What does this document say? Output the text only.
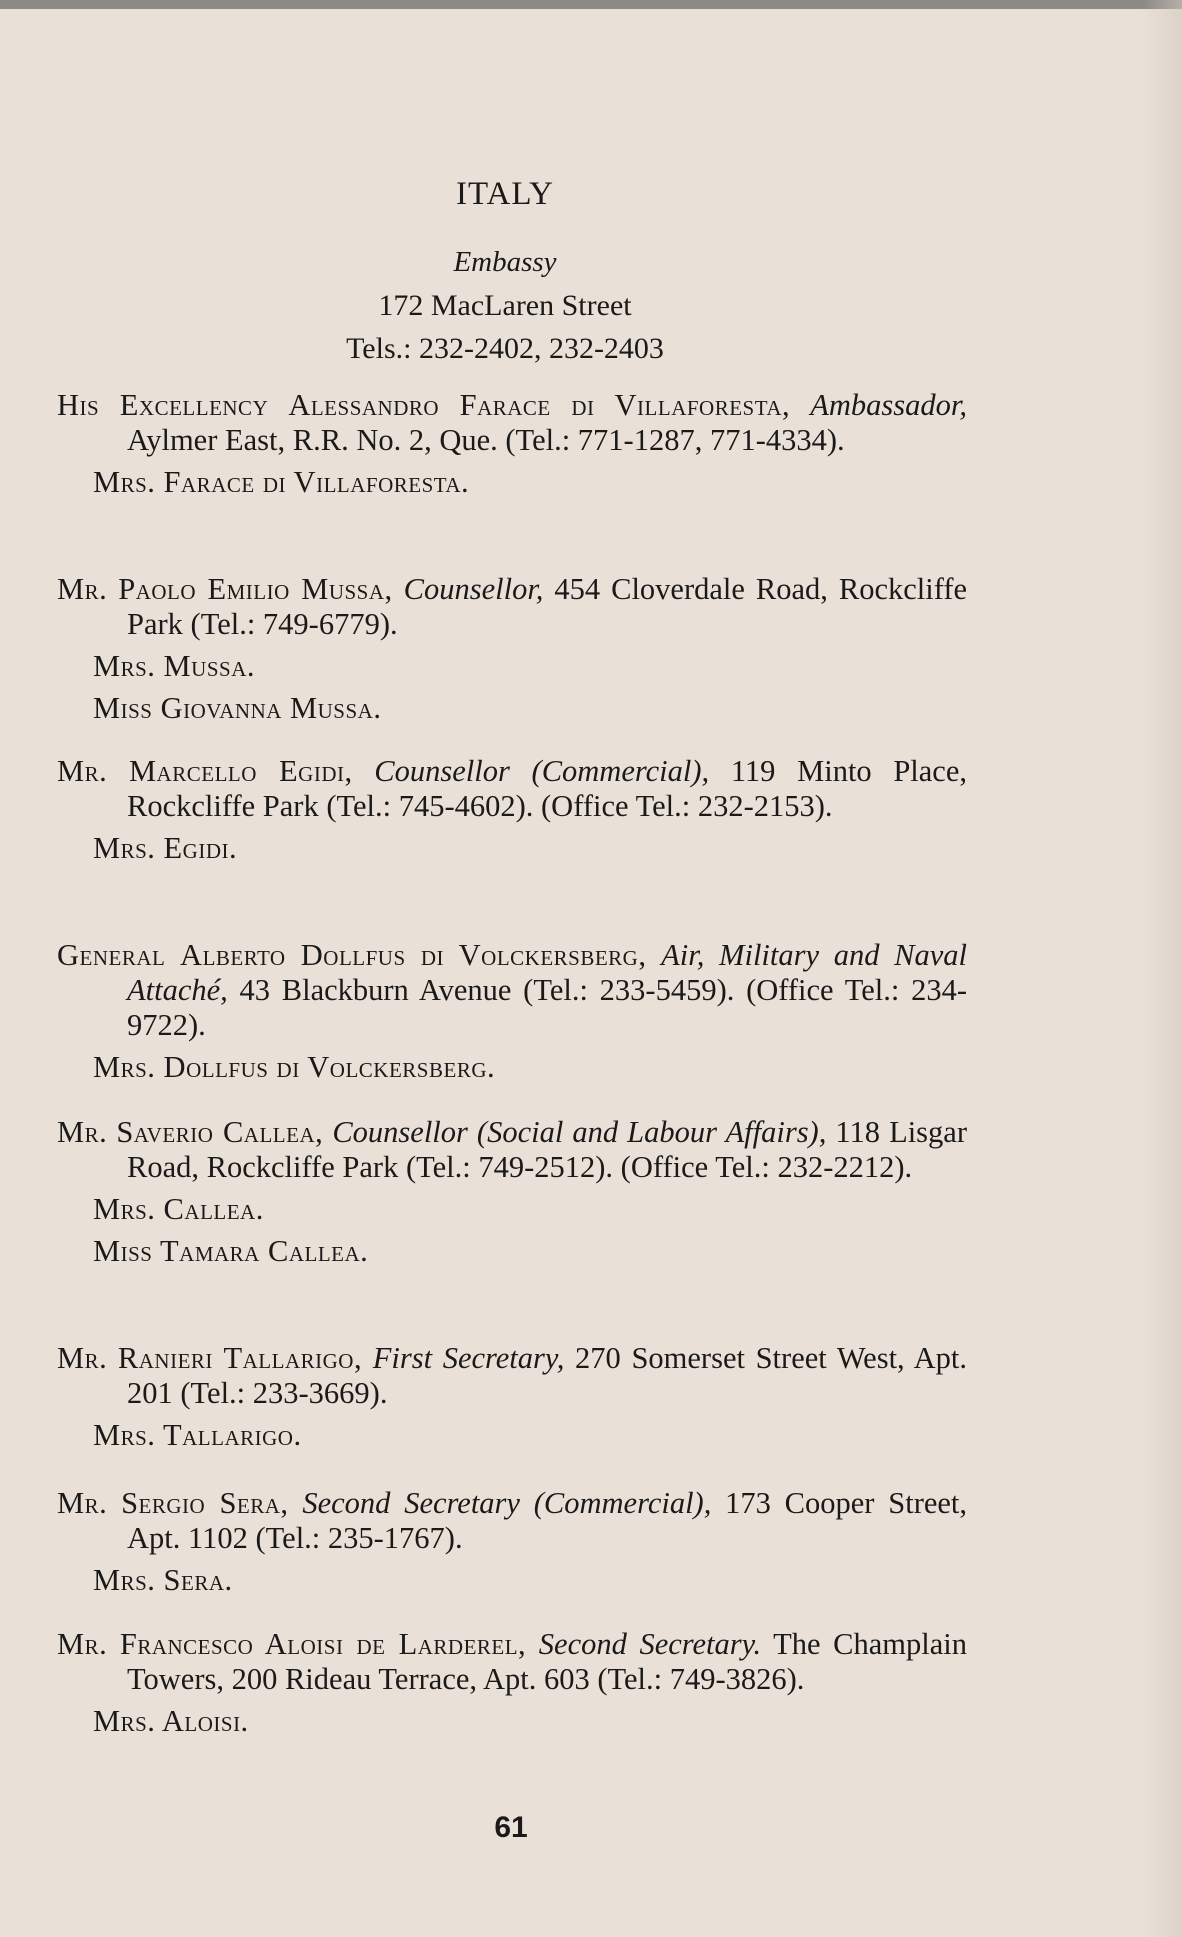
ITALY
Embassy
172 MacLaren Street
Tels.: 232-2402, 232-2403
His Excellency Alessandro Farace di Villaforesta, Ambassador, Aylmer East, R.R. No. 2, Que. (Tel.: 771-1287, 771-4334).
Mrs. Farace di Villaforesta.
Mr. Paolo Emilio Mussa, Counsellor, 454 Cloverdale Road, Rockcliffe Park (Tel.: 749-6779).
Mrs. Mussa.
Miss Giovanna Mussa.
Mr. Marcello Egidi, Counsellor (Commercial), 119 Minto Place, Rockcliffe Park (Tel.: 745-4602). (Office Tel.: 232-2153).
Mrs. Egidi.
General Alberto Dollfus di Volckersberg, Air, Military and Naval Attaché, 43 Blackburn Avenue (Tel.: 233-5459). (Office Tel.: 234-9722).
Mrs. Dollfus di Volckersberg.
Mr. Saverio Callea, Counsellor (Social and Labour Affairs), 118 Lisgar Road, Rockcliffe Park (Tel.: 749-2512). (Office Tel.: 232-2212).
Mrs. Callea.
Miss Tamara Callea.
Mr. Ranieri Tallarigo, First Secretary, 270 Somerset Street West, Apt. 201 (Tel.: 233-3669).
Mrs. Tallarigo.
Mr. Sergio Sera, Second Secretary (Commercial), 173 Cooper Street, Apt. 1102 (Tel.: 235-1767).
Mrs. Sera.
Mr. Francesco Aloisi de Larderel, Second Secretary. The Champlain Towers, 200 Rideau Terrace, Apt. 603 (Tel.: 749-3826).
Mrs. Aloisi.
61
